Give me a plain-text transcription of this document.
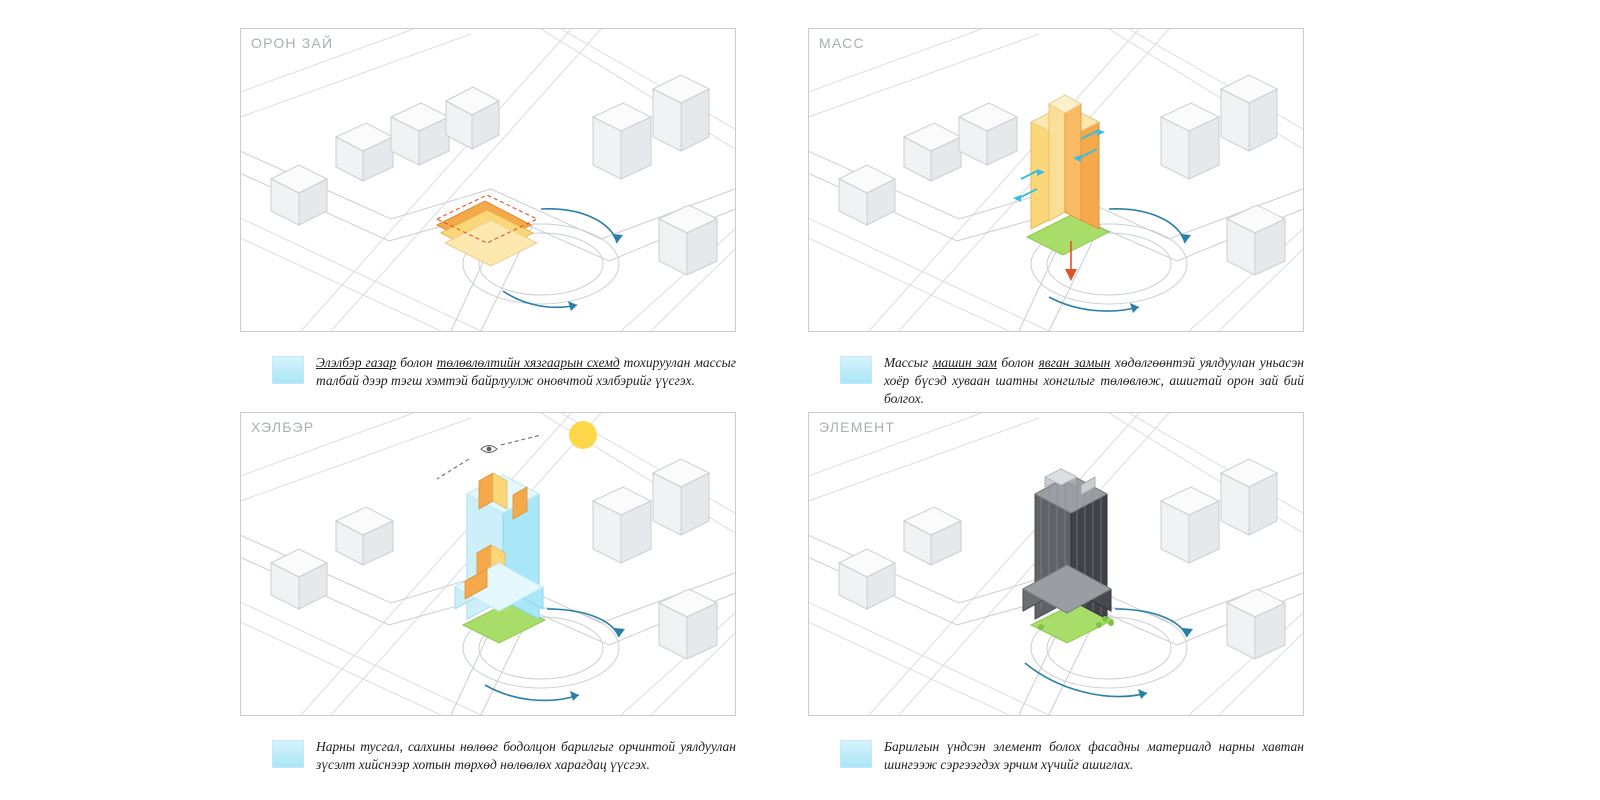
ОРОН ЗАЙ
Элэлбэр газар болон төлөвлөлтийн хязгаарын схемд тохируулан массыг талбай дээр тэгш хэмтэй байрлуулж оновчтой хэлбэрийг үүсгэх.
МАСС
Массыг машин зам болон явган замын хөдөлгөөнтэй уялдуулан уньасэн хоёр бүсэд хуваан шатны хонгилыг төлөвлөж, ашигтай орон зай бий болгох.
ХЭЛБЭР
Нарны тусгал, салхины нөлөөг бодолцон барилгыг орчинтой уялдуулан зүсэлт хийснээр хотын төрхөд нөлөөлөх харагдац үүсгэх.
ЭЛЕМЕНТ
Барилгын үндсэн элемент болох фасадны материалд нарны хавтан шингээж сэргээгдэх эрчим хүчийг ашиглах.
